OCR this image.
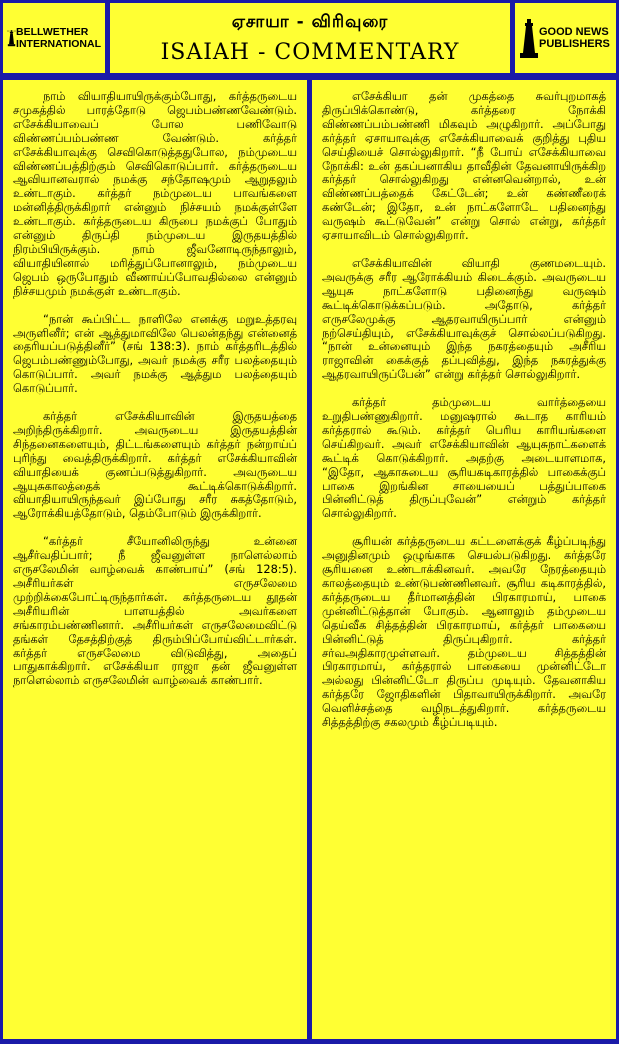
BELLWETHER
INTERNATIONAL
ஏசாயா - விரிவுரை
ISAIAH - COMMENTARY
GOOD NEWS
PUBLISHERS

நாம் வியாதியாயிருக்கும்போது, கர்த்தருடைய சமுகத்தில் பாரத்தோடு ஜெபம்பண்ணவேண்டும். எசேக்கியாவைப் போல பணிவோடு விண்ணப்பம்பண்ண வேண்டும். கர்த்தர் எசேக்கியாவுக்கு செவிகொடுத்ததுபோல, நம்முடைய விண்ணப்பத்திற்கும் செவிகொடுப்பார். கர்த்தருடைய ஆவியானவரால் நமக்கு சந்தோஷமும் ஆறுதலும் உண்டாகும். கர்த்தர் நம்முடைய பாவங்களை மன்னித்திருக்கிறார் என்னும் நிச்சயம் நமக்குள்ளே உண்டாகும். கர்த்தருடைய கிருபை நமக்குப் போதும் என்னும் திருப்தி நம்முடைய இருதயத்தில் நிரம்பியிருக்கும். நாம் ஜீவனோடிருந்தாலும், வியாதியினால் மரித்துப்போனாலும், நம்முடைய ஜெபம் ஒருபோதும் வீணாய்ப்போவதில்லை என்னும் நிச்சயமும் நமக்குள் உண்டாகும்.

“நான் கூப்பிட்ட நாளிலே எனக்கு மறுஉத்தரவு அருளினீர்; என் ஆத்துமாவிலே பெலன்தந்து என்னைத் தைரியப்படுத்தினீர்” (சங் 138:3). நாம் கர்த்தரிடத்தில் ஜெபம்பண்ணும்போது, அவர் நமக்கு சரீர பலத்தையும் கொடுப்பார். அவர் நமக்கு ஆத்தும பலத்தையும் கொடுப்பார்.

கர்த்தர் எசேக்கியாவின் இருதயத்தை அறிந்திருக்கிறார். அவருடைய இருதயத்தின் சிந்தனைகளையும், திட்டங்களையும் கர்த்தர் நன்றாய்ப் புரிந்து வைத்திருக்கிறார். கர்த்தர் எசேக்கியாவின் வியாதியைக் குணப்படுத்துகிறார். அவருடைய ஆயுசுகாலத்தைக் கூட்டிக்கொடுக்கிறார். வியாதியாயிருந்தவர் இப்போது சரீர சுகத்தோடும், ஆரோக்கியத்தோடும், தெம்போடும் இருக்கிறார்.

“கர்த்தர் சீயோனிலிருந்து உன்னை ஆசீர்வதிப்பார்; நீ ஜீவனுள்ள நாளெல்லாம் எருசலேமின் வாழ்வைக் காண்பாய்” (சங் 128:5). அசீரியர்கள் எருசலேமை முற்றிக்கைபோட்டிருந்தார்கள். கர்த்தருடைய தூதன் அசீரியரின் பாளயத்தில் அவர்களை சங்காரம்பண்ணினார். அசீரியர்கள் எருசலேமைவிட்டு தங்கள் தேசத்திற்குத் திரும்பிப்போய்விட்டார்கள். கர்த்தர் எருசலேமை விடுவித்து, அதைப் பாதுகாக்கிறார். எசேக்கியா ராஜா தன் ஜீவனுள்ள நாளெல்லாம் எருசலேமின் வாழ்வைக் காண்பார்.

எசேக்கியா தன் முகத்தை சுவர்புறமாகத் திருப்பிக்கொண்டு, கர்த்தரை நோக்கி விண்ணப்பம்பண்ணி மிகவும் அழுகிறார். அப்போது கர்த்தர் ஏசாயாவுக்கு எசேக்கியாவைக் குறித்து புதிய செய்தியைச் சொல்லுகிறார். “நீ போய் எசேக்கியாவை நோக்கி: உன் தகப்பனாகிய தாவீதின் தேவனாயிருக்கிற கர்த்தர் சொல்லுகிறது என்னவென்றால், உன் விண்ணப்பத்தைக் கேட்டேன்; உன் கண்ணீரைக் கண்டேன்; இதோ, உன் நாட்களோடே பதினைந்து வருஷம் கூட்டுவேன்” என்று சொல் என்று, கர்த்தர் ஏசாயாவிடம் சொல்லுகிறார்.

எசேக்கியாவின் வியாதி குணமடையும். அவருக்கு சரீர ஆரோக்கியம் கிடைக்கும். அவருடைய ஆயுசு நாட்களோடு பதினைந்து வருஷம் கூட்டிக்கொடுக்கப்படும். அதோடு, கர்த்தர் எருசலேமுக்கு ஆதரவாயிருப்பார் என்னும் நற்செய்தியும், எசேக்கியாவுக்குச் சொல்லப்படுகிறது. “நான் உன்னையும் இந்த நகரத்தையும் அசீரிய ராஜாவின் கைக்குத் தப்புவித்து, இந்த நகரத்துக்கு ஆதரவாயிருப்பேன்” என்று கர்த்தர் சொல்லுகிறார்.

கர்த்தர் தம்முடைய வார்த்தையை உறுதிபண்ணுகிறார். மனுஷரால் கூடாத காரியம் கர்த்தரால் கூடும். கர்த்தர் பெரிய காரியங்களை செய்கிறவர். அவர் எசேக்கியாவின் ஆயுசுநாட்களைக் கூட்டிக் கொடுக்கிறார். அதற்கு அடையாளமாக, “இதோ, ஆகாசுடைய சூரியகடிகாரத்தில் பாகைக்குப் பாகை இறங்கின சாயையைப் பத்துப்பாகை பின்னிட்டுத் திருப்புவேன்” என்றும் கர்த்தர் சொல்லுகிறார்.

சூரியன் கர்த்தருடைய கட்டளைக்குக் கீழ்ப்படிந்து அனுதினமும் ஒழுங்காக செயல்படுகிறது. கர்த்தரே சூரியனை உண்டாக்கினவர். அவரே நேரத்தையும் காலத்தையும் உண்டுபண்ணினவர். சூரிய கடிகாரத்தில், கர்த்தருடைய தீர்மானத்தின் பிரகாரமாய், பாகை முன்னிட்டுத்தான் போகும். ஆனாலும் தம்முடைய தெய்வீக சித்தத்தின் பிரகாரமாய், கர்த்தர் பாகையை பின்னிட்டுத் திருப்புகிறார். கர்த்தர் சர்வஅதிகாரமுள்ளவர். தம்முடைய சித்தத்தின் பிரகாரமாய், கர்த்தரால் பாகையை முன்னிட்டோ அல்லது பின்னிட்டோ திருப்ப முடியும். தேவனாகிய கர்த்தரே ஜோதிகளின் பிதாவாயிருக்கிறார். அவரே வெளிச்சத்தை வழிநடத்துகிறார். கர்த்தருடைய சித்தத்திற்கு சகலமும் கீழ்ப்படியும்.
